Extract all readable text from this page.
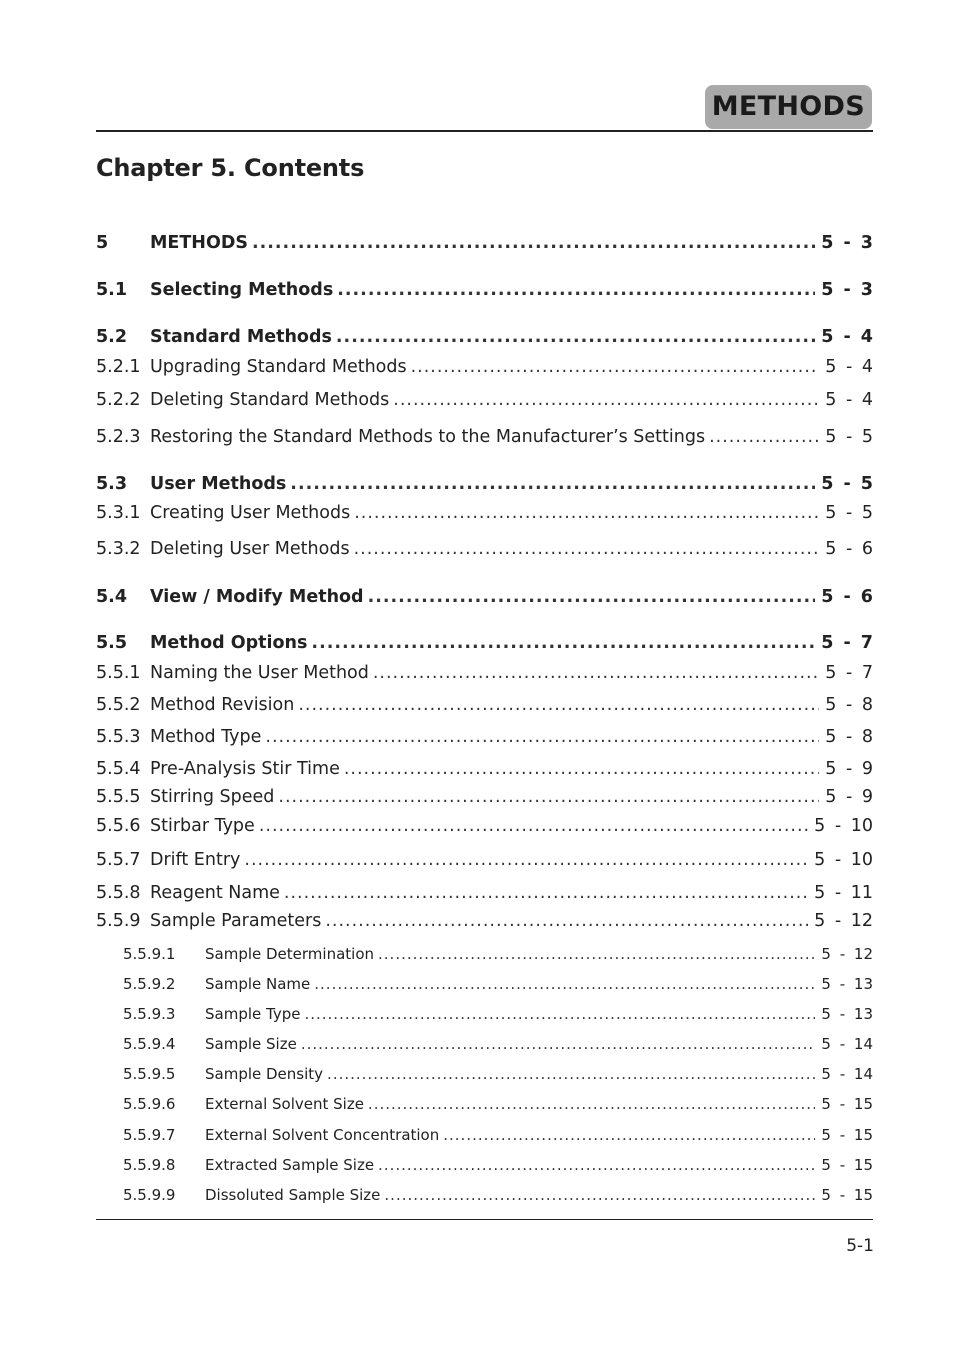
METHODS
Chapter 5. Contents
5	METHODS .....	5 - 3
5.1	Selecting Methods .....	5 - 3
5.2	Standard Methods .....	5 - 4
5.2.1 Upgrading Standard Methods .....	5 - 4
5.2.2 Deleting Standard Methods .....	5 - 4
5.2.3 Restoring the Standard Methods to the Manufacturer’s Settings .....	5 - 5
5.3	User Methods .....	5 - 5
5.3.1 Creating User Methods .....	5 - 5
5.3.2 Deleting User Methods .....	5 - 6
5.4	View / Modify Method .....	5 - 6
5.5	Method Options .....	5 - 7
5.5.1 Naming the User Method .....	5 - 7
5.5.2 Method Revision .....	5 - 8
5.5.3 Method Type .....	5 - 8
5.5.4 Pre-Analysis Stir Time .....	5 - 9
5.5.5 Stirring Speed .....	5 - 9
5.5.6 Stirbar Type .....	5 - 10
5.5.7 Drift Entry .....	5 - 10
5.5.8 Reagent Name .....	5 - 11
5.5.9 Sample Parameters .....	5 - 12
5.5.9.1	Sample Determination .....	5 - 12
5.5.9.2	Sample Name .....	5 - 13
5.5.9.3	Sample Type .....	5 - 13
5.5.9.4	Sample Size .....	5 - 14
5.5.9.5	Sample Density .....	5 - 14
5.5.9.6	External Solvent Size .....	5 - 15
5.5.9.7	External Solvent Concentration .....	5 - 15
5.5.9.8	Extracted Sample Size .....	5 - 15
5.5.9.9	Dissoluted Sample Size .....	5 - 15
5-1
